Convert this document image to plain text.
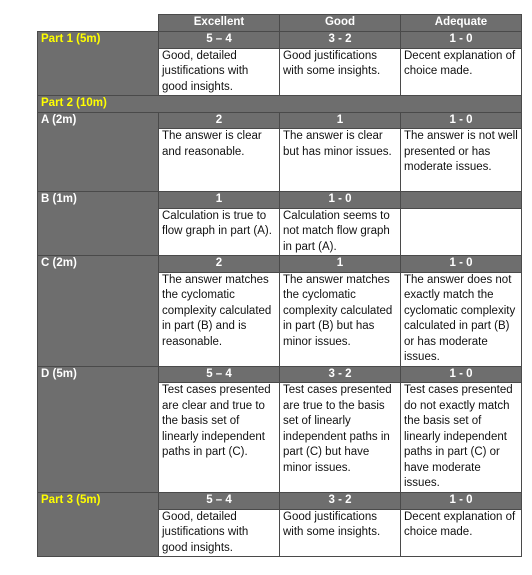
	Excellent	Good	Adequate
Part 1 (5m)	5 – 4	3 - 2	1 - 0
	Good, detailed justifications with good insights.	Good justifications with some insights.	Decent explanation of choice made.
Part 2 (10m)			
A (2m)	2	1	1 - 0
	The answer is clear and reasonable.	The answer is clear but has minor issues.	The answer is not well presented or has moderate issues.
B (1m)	1	1 - 0	
	Calculation is true to flow graph in part (A).	Calculation seems to not match flow graph in part (A).	
C (2m)	2	1	1 - 0
	The answer matches the cyclomatic complexity calculated in part (B) and is reasonable.	The answer matches the cyclomatic complexity calculated in part (B) but has minor issues.	The answer does not exactly match the cyclomatic complexity calculated in part (B) or has moderate issues.
D (5m)	5 – 4	3 - 2	1 - 0
	Test cases presented are clear and true to the basis set of linearly independent paths in part (C).	Test cases presented are true to the basis set of linearly independent paths in part (C) but have minor issues.	Test cases presented do not exactly match the basis set of linearly independent paths in part (C) or have moderate issues.
Part 3 (5m)	5 – 4	3 - 2	1 - 0
	Good, detailed justifications with good insights.	Good justifications with some insights.	Decent explanation of choice made.
